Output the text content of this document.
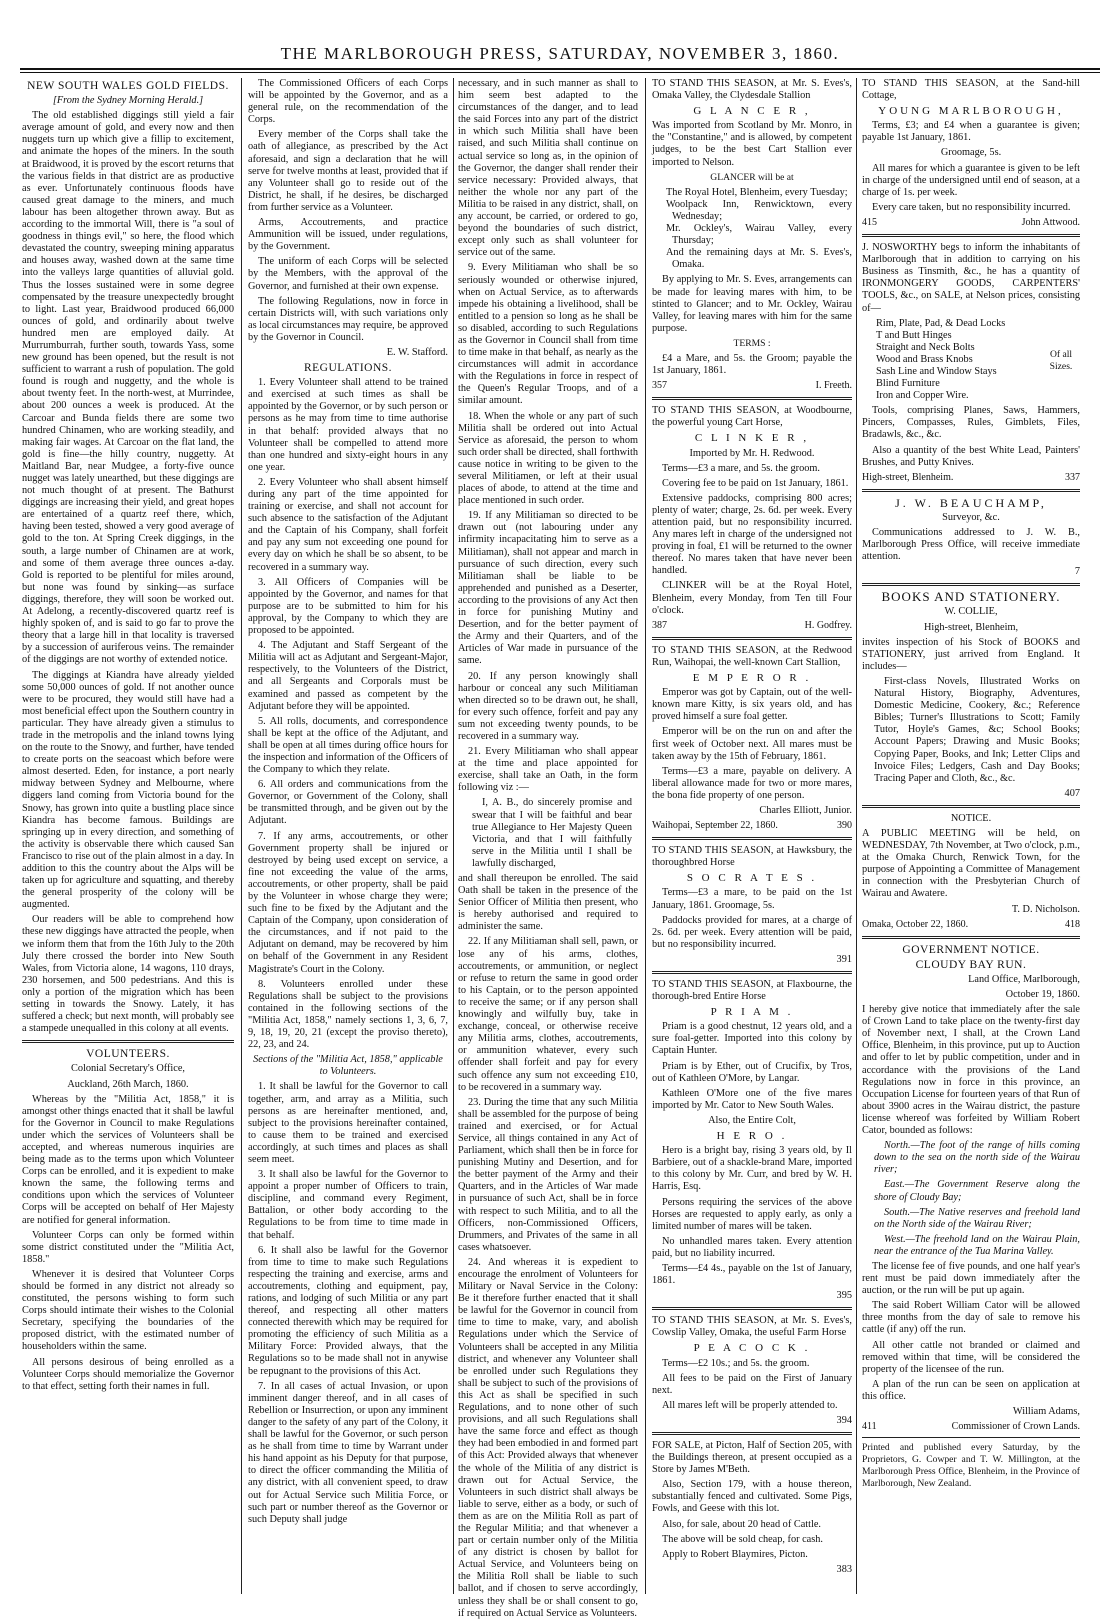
THE MARLBOROUGH PRESS, SATURDAY, NOVEMBER 3, 1860.
NEW SOUTH WALES GOLD FIELDS.

[From the Sydney Morning Herald.]

The old established diggings still yield a fair average amount of gold, and every now and then nuggets turn up which give a fillip to excitement, and animate the hopes of the miners. In the south at Braidwood, it is proved by the escort returns that the various fields in that district are as productive as ever. Unfortunately continuous floods have caused great damage to the miners, and much labour has been altogether thrown away. But as according to the immortal Will, there is "a soul of goodness in things evil," so here, the flood which devastated the country, sweeping mining apparatus and houses away, washed down at the same time into the valleys large quantities of alluvial gold. Thus the losses sustained were in some degree compensated by the treasure unexpectedly brought to light. Last year, Braidwood produced 66,000 ounces of gold, and ordinarily about twelve hundred men are employed daily. At Murrumburrah, further south, towards Yass, some new ground has been opened, but the result is not sufficient to warrant a rush of population. The gold found is rough and nuggetty, and the whole is about twenty feet. In the north-west, at Murrindee, about 200 ounces a week is produced. At the Carcoar and Bunda fields there are some two hundred Chinamen, who are working steadily, and making fair wages. At Carcoar on the flat land, the gold is fine—the hilly country, nuggetty. At Maitland Bar, near Mudgee, a forty-five ounce nugget was lately unearthed, but these diggings are not much thought of at present. The Bathurst diggings are increasing their yield, and great hopes are entertained of a quartz reef there, which, having been tested, showed a very good average of gold to the ton. At Spring Creek diggings, in the south, a large number of Chinamen are at work, and some of them average three ounces a-day. Gold is reported to be plentiful for miles around, but none was found by sinking—as surface diggings, therefore, they will soon be worked out. At Adelong, a recently-discovered quartz reef is highly spoken of, and is said to go far to prove the theory that a large hill in that locality is traversed by a succession of auriferous veins. The remainder of the diggings are not worthy of extended notice.

The diggings at Kiandra have already yielded some 50,000 ounces of gold. If not another ounce were to be procured, they would still have had a most beneficial effect upon the Southern country in particular. They have already given a stimulus to trade in the metropolis and the inland towns lying on the route to the Snowy, and further, have tended to create ports on the seacoast which before were almost deserted. Eden, for instance, a port nearly midway between Sydney and Melbourne, where diggers land coming from Victoria bound for the Snowy, has grown into quite a bustling place since Kiandra has become famous. Buildings are springing up in every direction, and something of the activity is observable there which caused San Francisco to rise out of the plain almost in a day. In addition to this the country about the Alps will be taken up for agriculture and squatting, and thereby the general prosperity of the colony will be augmented.

Our readers will be able to comprehend how these new diggings have attracted the people, when we inform them that from the 16th July to the 20th July there crossed the border into New South Wales, from Victoria alone, 14 wagons, 110 drays, 230 horsemen, and 500 pedestrians. And this is only a portion of the migration which has been setting in towards the Snowy. Lately, it has suffered a check; but next month, will probably see a stampede unequalled in this colony at all events.

VOLUNTEERS.

Colonial Secretary's Office,

Auckland, 26th March, 1860.

Whereas by the "Militia Act, 1858," it is amongst other things enacted that it shall be lawful for the Governor in Council to make Regulations under which the services of Volunteers shall be accepted, and whereas numerous inquiries are being made as to the terms upon which Volunteer Corps can be enrolled, and it is expedient to make known the same, the following terms and conditions upon which the services of Volunteer Corps will be accepted on behalf of Her Majesty are notified for general information.

Volunteer Corps can only be formed within some district constituted under the "Militia Act, 1858."

Whenever it is desired that Volunteer Corps should be formed in any district not already so constituted, the persons wishing to form such Corps should intimate their wishes to the Colonial Secretary, specifying the boundaries of the proposed district, with the estimated number of householders within the same.

All persons desirous of being enrolled as a Volunteer Corps should memorialize the Governor to that effect, setting forth their names in full.

The Commissioned Officers of each Corps will be appointed by the Governor, and as a general rule, on the recommendation of the Corps.

Every member of the Corps shall take the oath of allegiance, as prescribed by the Act aforesaid, and sign a declaration that he will serve for twelve months at least, provided that if any Volunteer shall go to reside out of the District, he shall, if he desires, be discharged from further service as a Volunteer.

Arms, Accoutrements, and practice Ammunition will be issued, under regulations, by the Government.

The uniform of each Corps will be selected by the Members, with the approval of the Governor, and furnished at their own expense.

The following Regulations, now in force in certain Districts will, with such variations only as local circumstances may require, be approved by the Governor in Council.

E. W. Stafford.

REGULATIONS.

1. Every Volunteer shall attend to be trained and exercised at such times as shall be appointed by the Governor, or by such person or persons as he may from time to time authorise in that behalf: provided always that no Volunteer shall be compelled to attend more than one hundred and sixty-eight hours in any one year.

2. Every Volunteer who shall absent himself during any part of the time appointed for training or exercise, and shall not account for such absence to the satisfaction of the Adjutant and the Captain of his Company, shall forfeit and pay any sum not exceeding one pound for every day on which he shall be so absent, to be recovered in a summary way.

3. All Officers of Companies will be appointed by the Governor, and names for that purpose are to be submitted to him for his approval, by the Company to which they are proposed to be appointed.

4. The Adjutant and Staff Sergeant of the Militia will act as Adjutant and Sergeant-Major, respectively, to the Volunteers of the District, and all Sergeants and Corporals must be examined and passed as competent by the Adjutant before they will be appointed.

5. All rolls, documents, and correspondence shall be kept at the office of the Adjutant, and shall be open at all times during office hours for the inspection and information of the Officers of the Company to which they relate.

6. All orders and communications from the Governor, or Government of the Colony, shall be transmitted through, and be given out by the Adjutant.

7. If any arms, accoutrements, or other Government property shall be injured or destroyed by being used except on service, a fine not exceeding the value of the arms, accoutrements, or other property, shall be paid by the Volunteer in whose charge they were; such fine to be fixed by the Adjutant and the Captain of the Company, upon consideration of the circumstances, and if not paid to the Adjutant on demand, may be recovered by him on behalf of the Government in any Resident Magistrate's Court in the Colony.

8. Volunteers enrolled under these Regulations shall be subject to the provisions contained in the following sections of the "Militia Act, 1858," namely sections 1, 3, 6, 7, 9, 18, 19, 20, 21 (except the proviso thereto), 22, 23, and 24.

Sections of the "Militia Act, 1858," applicable to Volunteers.

1. It shall be lawful for the Governor to call together, arm, and array as a Militia, such persons as are hereinafter mentioned, and, subject to the provisions hereinafter contained, to cause them to be trained and exercised accordingly, at such times and places as shall seem meet.

3. It shall also be lawful for the Governor to appoint a proper number of Officers to train, discipline, and command every Regiment, Battalion, or other body according to the Regulations to be from time to time made in that behalf.

6. It shall also be lawful for the Governor from time to time to make such Regulations respecting the training and exercise, arms and accoutrements, clothing and equipment, pay, rations, and lodging of such Militia or any part thereof, and respecting all other matters connected therewith which may be required for promoting the efficiency of such Militia as a Military Force: Provided always, that the Regulations so to be made shall not in anywise be repugnant to the provisions of this Act.

7. In all cases of actual Invasion, or upon imminent danger thereof, and in all cases of Rebellion or Insurrection, or upon any imminent danger to the safety of any part of the Colony, it shall be lawful for the Governor, or such person as he shall from time to time by Warrant under his hand appoint as his Deputy for that purpose, to direct the officer commanding the Militia of any district, with all convenient speed, to draw out for Actual Service such Militia Force, or such part or number thereof as the Governor or such Deputy shall judge

necessary, and in such manner as shall to him seem best adapted to the circumstances of the danger, and to lead the said Forces into any part of the district in which such Militia shall have been raised, and such Militia shall continue on actual service so long as, in the opinion of the Governor, the danger shall render their service necessary: Provided always, that neither the whole nor any part of the Militia to be raised in any district, shall, on any account, be carried, or ordered to go, beyond the boundaries of such district, except only such as shall volunteer for service out of the same.

9. Every Militiaman who shall be so seriously wounded or otherwise injured, when on Actual Service, as to afterwards impede his obtaining a livelihood, shall be entitled to a pension so long as he shall be so disabled, according to such Regulations as the Governor in Council shall from time to time make in that behalf, as nearly as the circumstances will admit in accordance with the Regulations in force in respect of the Queen's Regular Troops, and of a similar amount.

18. When the whole or any part of such Militia shall be ordered out into Actual Service as aforesaid, the person to whom such order shall be directed, shall forthwith cause notice in writing to be given to the several Militiamen, or left at their usual places of abode, to attend at the time and place mentioned in such order.

19. If any Militiaman so directed to be drawn out (not labouring under any infirmity incapacitating him to serve as a Militiaman), shall not appear and march in pursuance of such direction, every such Militiaman shall be liable to be apprehended and punished as a Deserter, according to the provisions of any Act then in force for punishing Mutiny and Desertion, and for the better payment of the Army and their Quarters, and of the Articles of War made in pursuance of the same.

20. If any person knowingly shall harbour or conceal any such Militiaman when directed so to be drawn out, he shall, for every such offence, forfeit and pay any sum not exceeding twenty pounds, to be recovered in a summary way.

21. Every Militiaman who shall appear at the time and place appointed for exercise, shall take an Oath, in the form following viz :—

I, A. B., do sincerely promise and swear that I will be faithful and bear true Allegiance to Her Majesty Queen Victoria, and that I will faithfully serve in the Militia until I shall be lawfully discharged,

and shall thereupon be enrolled. The said Oath shall be taken in the presence of the Senior Officer of Militia then present, who is hereby authorised and required to administer the same.

22. If any Militiaman shall sell, pawn, or lose any of his arms, clothes, accoutrements, or ammunition, or neglect or refuse to return the same in good order to his Captain, or to the person appointed to receive the same; or if any person shall knowingly and wilfully buy, take in exchange, conceal, or otherwise receive any Militia arms, clothes, accoutrements, or ammunition whatever, every such offender shall forfeit and pay for every such offence any sum not exceeding £10, to be recovered in a summary way.

23. During the time that any such Militia shall be assembled for the purpose of being trained and exercised, or for Actual Service, all things contained in any Act of Parliament, which shall then be in force for punishing Mutiny and Desertion, and for the better payment of the Army and their Quarters, and in the Articles of War made in pursuance of such Act, shall be in force with respect to such Militia, and to all the Officers, non-Commissioned Officers, Drummers, and Privates of the same in all cases whatsoever.

24. And whereas it is expedient to encourage the enrolment of Volunteers for Military or Naval Service in the Colony: Be it therefore further enacted that it shall be lawful for the Governor in council from time to time to make, vary, and abolish Regulations under which the Service of Volunteers shall be accepted in any Militia district, and whenever any Volunteer shall be enrolled under such Regulations they shall be subject to such of the provisions of this Act as shall be specified in such Regulations, and to none other of such provisions, and all such Regulations shall have the same force and effect as though they had been embodied in and formed part of this Act: Provided always that whenever the whole of the Militia of any district is drawn out for Actual Service, the Volunteers in such district shall always be liable to serve, either as a body, or such of them as are on the Militia Roll as part of the Regular Militia; and that whenever a part or certain number only of the Militia of any district is chosen by ballot for Actual Service, and Volunteers being on the Militia Roll shall be liable to such ballot, and if chosen to serve accordingly, unless they shall be or shall consent to go, if required on Actual Service as Volunteers.

TO STAND THIS SEASON, at Mr. S. Eves's, Omaka Valley, the Clydesdale Stallion

G L A N C E R ,

Was imported from Scotland by Mr. Monro, in the "Constantine," and is allowed, by competent judges, to be the best Cart Stallion ever imported to Nelson.

GLANCER will be at

The Royal Hotel, Blenheim, every Tuesday;
Woolpack Inn, Renwicktown, every Wednesday;
Mr. Ockley's, Wairau Valley, every Thursday;
And the remaining days at Mr. S. Eves's, Omaka.

By applying to Mr. S. Eves, arrangements can be made for leaving mares with him, to be stinted to Glancer; and to Mr. Ockley, Wairau Valley, for leaving mares with him for the same purpose.

TERMS :

£4 a Mare, and 5s. the Groom; payable the 1st January, 1861.

357	I. Freeth.

TO STAND THIS SEASON, at Woodbourne, the powerful young Cart Horse,

C L I N K E R ,

Imported by Mr. H. Redwood.

Terms—£3 a mare, and 5s. the groom.

Covering fee to be paid on 1st January, 1861.

Extensive paddocks, comprising 800 acres; plenty of water; charge, 2s. 6d. per week. Every attention paid, but no responsibility incurred. Any mares left in charge of the undersigned not proving in foal, £1 will be returned to the owner thereof. No mares taken that have never been handled.

CLINKER will be at the Royal Hotel, Blenheim, every Monday, from Ten till Four o'clock.

387	H. Godfrey.

TO STAND THIS SEASON, at the Redwood Run, Waihopai, the well-known Cart Stallion,

E M P E R O R .

Emperor was got by Captain, out of the well-known mare Kitty, is six years old, and has proved himself a sure foal getter.

Emperor will be on the run on and after the first week of October next. All mares must be taken away by the 15th of February, 1861.

Terms—£3 a mare, payable on delivery. A liberal allowance made for two or more mares, the bona fide property of one person.

Charles Elliott, Junior.

Waihopai, September 22, 1860.	390

TO STAND THIS SEASON, at Hawksbury, the thoroughbred Horse

S O C R A T E S .

Terms—£3 a mare, to be paid on the 1st January, 1861. Groomage, 5s.

Paddocks provided for mares, at a charge of 2s. 6d. per week. Every attention will be paid, but no responsibility incurred.

391

TO STAND THIS SEASON, at Flaxbourne, the thorough-bred Entire Horse

P R I A M .

Priam is a good chestnut, 12 years old, and a sure foal-getter. Imported into this colony by Captain Hunter.

Priam is by Ether, out of Crucifix, by Tros, out of Kathleen O'More, by Langar.

Kathleen O'More one of the five mares imported by Mr. Cator to New South Wales.

Also, the Entire Colt,

H E R O .

Hero is a bright bay, rising 3 years old, by Il Barbiere, out of a shackle-brand Mare, imported to this colony by Mr. Curr, and bred by W. H. Harris, Esq.

Persons requiring the services of the above Horses are requested to apply early, as only a limited number of mares will be taken.

No unhandled mares taken. Every attention paid, but no liability incurred.

Terms—£4 4s., payable on the 1st of January, 1861.

395

TO STAND THIS SEASON, at Mr. S. Eves's, Cowslip Valley, Omaka, the useful Farm Horse

P E A C O C K .

Terms—£2 10s.; and 5s. the groom.

All fees to be paid on the First of January next.

All mares left will be properly attended to.

394

FOR SALE, at Picton, Half of Section 205, with the Buildings thereon, at present occupied as a Store by James M'Beth.

Also, Section 179, with a house thereon, substantially fenced and cultivated. Some Pigs, Fowls, and Geese with this lot.

Also, for sale, about 20 head of Cattle.

The above will be sold cheap, for cash.

Apply to Robert Blaymires, Picton.

383

TO STAND THIS SEASON, at the Sand-hill Cottage,

YOUNG MARLBOROUGH,

Terms, £3; and £4 when a guarantee is given; payable 1st January, 1861.

Groomage, 5s.

All mares for which a guarantee is given to be left in charge of the undersigned until end of season, at a charge of 1s. per week.

Every care taken, but no responsibility incurred.

415	John Attwood.

J. NOSWORTHY begs to inform the inhabitants of Marlborough that in addition to carrying on his Business as Tinsmith, &c., he has a quantity of IRONMONGERY GOODS, CARPENTERS' TOOLS, &c., on SALE, at Nelson prices, consisting of—

Rim, Plate, Pad, & Dead Locks
T and Butt Hinges
Straight and Neck Bolts
Wood and Brass Knobs
Sash Line and Window Stays
Blind Furniture
Iron and Copper Wire.
Of all Sizes.

Tools, comprising Planes, Saws, Hammers, Pincers, Compasses, Rules, Gimblets, Files, Bradawls, &c., &c.

Also a quantity of the best White Lead, Painters' Brushes, and Putty Knives.

High-street, Blenheim.	337
J. W. BEAUCHAMP,

Surveyor, &c.

Communications addressed to J. W. B., Marlborough Press Office, will receive immediate attention.

7

BOOKS AND STATIONERY.

W. COLLIE,

High-street, Blenheim,

invites inspection of his Stock of BOOKS and STATIONERY, just arrived from England. It includes—

First-class Novels, Illustrated Works on Natural History, Biography, Adventures, Domestic Medicine, Cookery, &c.; Reference Bibles; Turner's Illustrations to Scott; Family Tutor, Hoyle's Games, &c; School Books; Account Papers; Drawing and Music Books; Copying Paper, Books, and Ink; Letter Clips and Invoice Files; Ledgers, Cash and Day Books; Tracing Paper and Cloth, &c., &c.

407

NOTICE.

A PUBLIC MEETING will be held, on WEDNESDAY, 7th November, at Two o'clock, p.m., at the Omaka Church, Renwick Town, for the purpose of Appointing a Committee of Management in connection with the Presbyterian Church of Wairau and Awatere.

T. D. Nicholson.

Omaka, October 22, 1860.	418
GOVERNMENT NOTICE.
CLOUDY BAY RUN.

Land Office, Marlborough,

October 19, 1860.

I hereby give notice that immediately after the sale of Crown Land to take place on the twenty-first day of November next, I shall, at the Crown Land Office, Blenheim, in this province, put up to Auction and offer to let by public competition, under and in accordance with the provisions of the Land Regulations now in force in this province, an Occupation License for fourteen years of that Run of about 3900 acres in the Wairau district, the pasture license whereof was forfeited by William Robert Cator, bounded as follows:

North.—The foot of the range of hills coming down to the sea on the north side of the Wairau river;

East.—The Government Reserve along the shore of Cloudy Bay;

South.—The Native reserves and freehold land on the North side of the Wairau River;

West.—The freehold land on the Wairau Plain, near the entrance of the Tua Marina Valley.

The license fee of five pounds, and one half year's rent must be paid down immediately after the auction, or the run will be put up again.

The said Robert William Cator will be allowed three months from the day of sale to remove his cattle (if any) off the run.

All other cattle not branded or claimed and removed within that time, will be considered the property of the licensee of the run.

A plan of the run can be seen on application at this office.

William Adams,

411	Commissioner of Crown Lands.

Printed and published every Saturday, by the Proprietors, G. Cowper and T. W. Millington, at the Marlborough Press Office, Blenheim, in the Province of Marlborough, New Zealand.
